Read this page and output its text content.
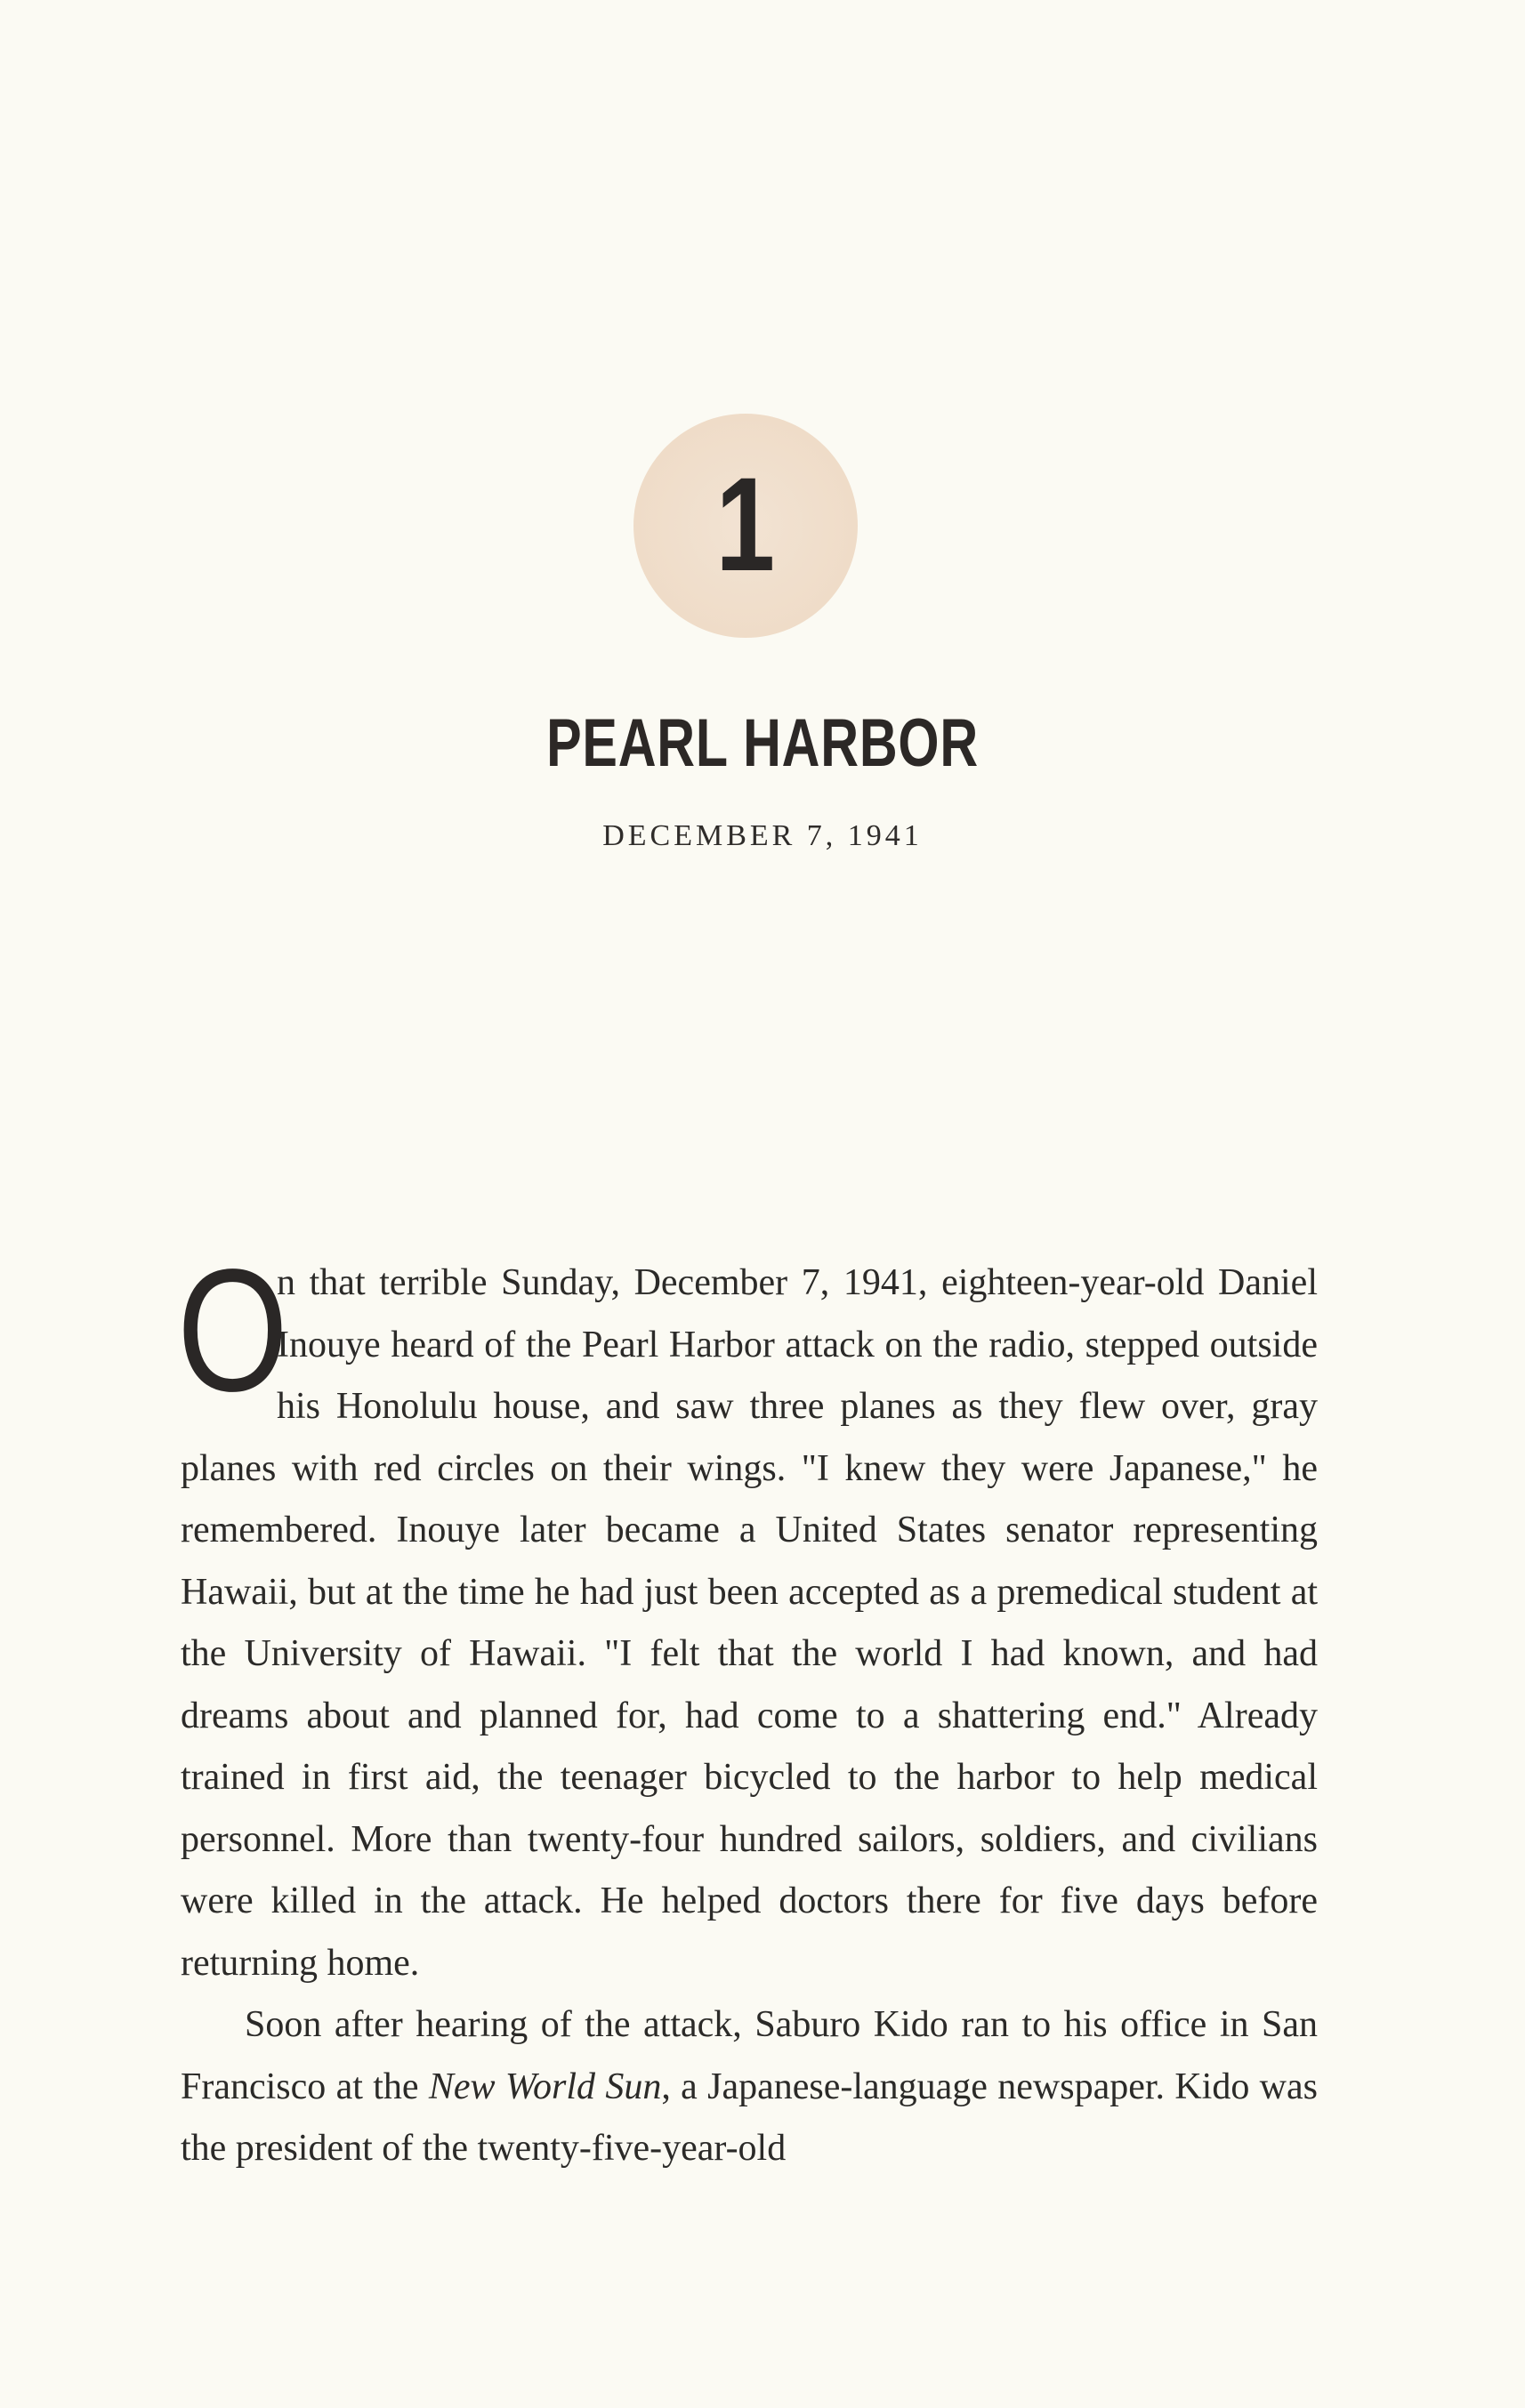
1
PEARL HARBOR
DECEMBER 7, 1941

O
n that terrible Sunday, December 7, 1941, eighteen-year-old Daniel Inouye heard of the Pearl Harbor attack on the radio, stepped outside his Honolulu house, and saw three planes as they flew over, gray planes with red circles on their wings. "I knew they were Japanese," he remembered. Inouye later became a United States senator representing Hawaii, but at the time he had just been accepted as a premedical student at the University of Hawaii. "I felt that the world I had known, and had dreams about and planned for, had come to a shattering end." Already trained in first aid, the teenager bicycled to the harbor to help medical personnel. More than twenty-four hundred sailors, soldiers, and civilians were killed in the attack. He helped doctors there for five days before returning home.

Soon after hearing of the attack, Saburo Kido ran to his office in San Francisco at the New World Sun, a Japanese-language newspaper. Kido was the president of the twenty-five-year-old
